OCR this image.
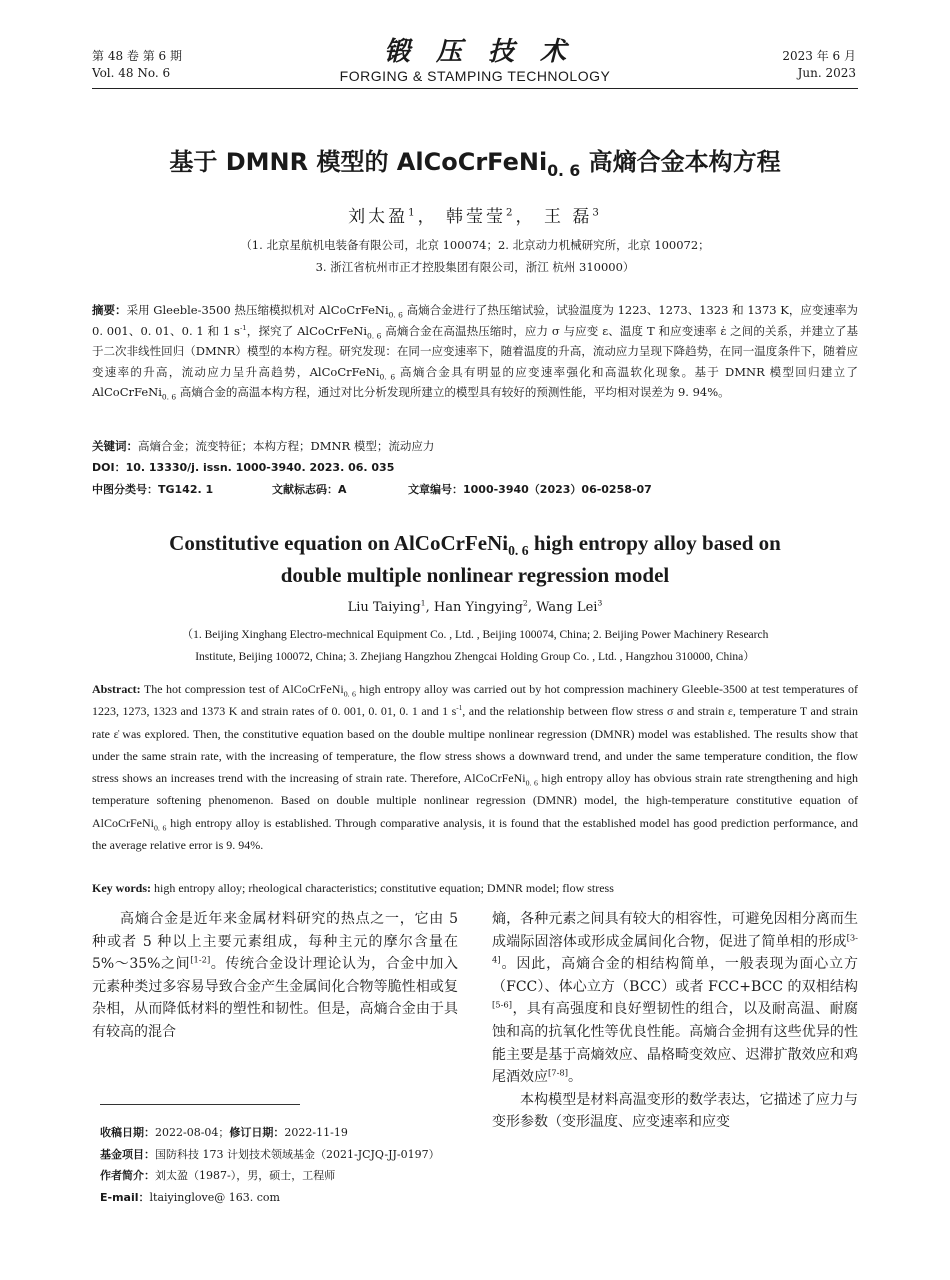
第 48 卷 第 6 期
Vol. 48 No. 6
锻压技术
FORGING & STAMPING TECHNOLOGY
2023 年 6 月
Jun. 2023
基于 DMNR 模型的 AlCoCrFeNi$_{0. 6}$ 高熵合金本构方程
刘太盈$^1$， 韩莹莹$^2$， 王 磊$^3$
（1. 北京星航机电装备有限公司，北京 100074；2. 北京动力机械研究所，北京 100072；
3. 浙江省杭州市正才控股集团有限公司，浙江 杭州 310000）
摘要：采用 Gleeble-3500 热压缩模拟机对 AlCoCrFeNi$_{0. 6}$ 高熵合金进行了热压缩试验，试验温度为 1223、1273、1323 和 1373 K，应变速率为 0. 001、0. 01、0. 1 和 1 $s^{-1}$，探究了 AlCoCrFeNi$_{0. 6}$ 高熵合金在高温热压缩时，应力 σ 与应变 ε、温度 T 和应变速率 ε̇ 之间的关系，并建立了基于二次非线性回归（DMNR）模型的本构方程。研究发现：在同一应变速率下，随着温度的升高，流动应力呈现下降趋势，在同一温度条件下，随着应变速率的升高，流动应力呈升高趋势，AlCoCrFeNi$_{0. 6}$ 高熵合金具有明显的应变速率强化和高温软化现象。基于 DMNR 模型回归建立了 AlCoCrFeNi$_{0. 6}$ 高熵合金的高温本构方程，通过对比分析发现所建立的模型具有较好的预测性能，平均相对误差为 9. 94%。
关键词：高熵合金；流变特征；本构方程；DMNR 模型；流动应力
DOI：10. 13330/j. issn. 1000-3940. 2023. 06. 035
中图分类号：TG142. 1	文献标志码：A	文章编号：1000-3940（2023）06-0258-07
Constitutive equation on AlCoCrFeNi$_{0. 6}$ high entropy alloy based on
double multiple nonlinear regression model
Liu Taiying$^1$, Han Yingying$^2$, Wang Lei$^3$
（1. Beijing Xinghang Electro-mechnical Equipment Co. , Ltd. , Beijing 100074, China; 2. Beijing Power Machinery Research
Institute, Beijing 100072, China; 3. Zhejiang Hangzhou Zhengcai Holding Group Co. , Ltd. , Hangzhou 310000, China）
Abstract: The hot compression test of AlCoCrFeNi$_{0. 6}$ high entropy alloy was carried out by hot compression machinery Gleeble-3500 at test temperatures of 1223, 1273, 1323 and 1373 K and strain rates of 0. 001, 0. 01, 0. 1 and 1 $s^{-1}$, and the relationship between flow stress σ and strain ε, temperature T and strain rate ε̇ was explored. Then, the constitutive equation based on the double multipe nonlinear regression (DMNR) model was established. The results show that under the same strain rate, with the increasing of temperature, the flow stress shows a downward trend, and under the same temperature condition, the flow stress shows an increases trend with the increasing of strain rate. Therefore, AlCoCrFeNi$_{0. 6}$ high entropy alloy has obvious strain rate strengthening and high temperature softening phenomenon. Based on double multiple nonlinear regression (DMNR) model, the high-temperature constitutive equation of AlCoCrFeNi$_{0. 6}$ high entropy alloy is established. Through comparative analysis, it is found that the established model has good prediction performance, and the average relative error is 9. 94%.
Key words: high entropy alloy; rheological characteristics; constitutive equation; DMNR model; flow stress

高熵合金是近年来金属材料研究的热点之一，它由 5 种或者 5 种以上主要元素组成，每种主元的摩尔含量在 5%～35%之间[1-2]。传统合金设计理论认为，合金中加入元素种类过多容易导致合金产生金属间化合物等脆性相或复杂相，从而降低材料的塑性和韧性。但是，高熵合金由于具有较高的混合

熵，各种元素之间具有较大的相容性，可避免因相分离而生成端际固溶体或形成金属间化合物，促进了简单相的形成[3-4]。因此，高熵合金的相结构简单，一般表现为面心立方（FCC）、体心立方（BCC）或者 FCC+BCC 的双相结构[5-6]，具有高强度和良好塑韧性的组合，以及耐高温、耐腐蚀和高的抗氧化性等优良性能。高熵合金拥有这些优异的性能主要是基于高熵效应、晶格畸变效应、迟滞扩散效应和鸡尾酒效应[7-8]。

本构模型是材料高温变形的数学表达，它描述了应力与变形参数（变形温度、应变速率和应变

收稿日期：2022-08-04；修订日期：2022-11-19
基金项目：国防科技 173 计划技术领域基金（2021-JCJQ-JJ-0197）
作者简介：刘太盈（1987-），男，硕士，工程师
E-mail：ltaiyinglove@ 163. com
